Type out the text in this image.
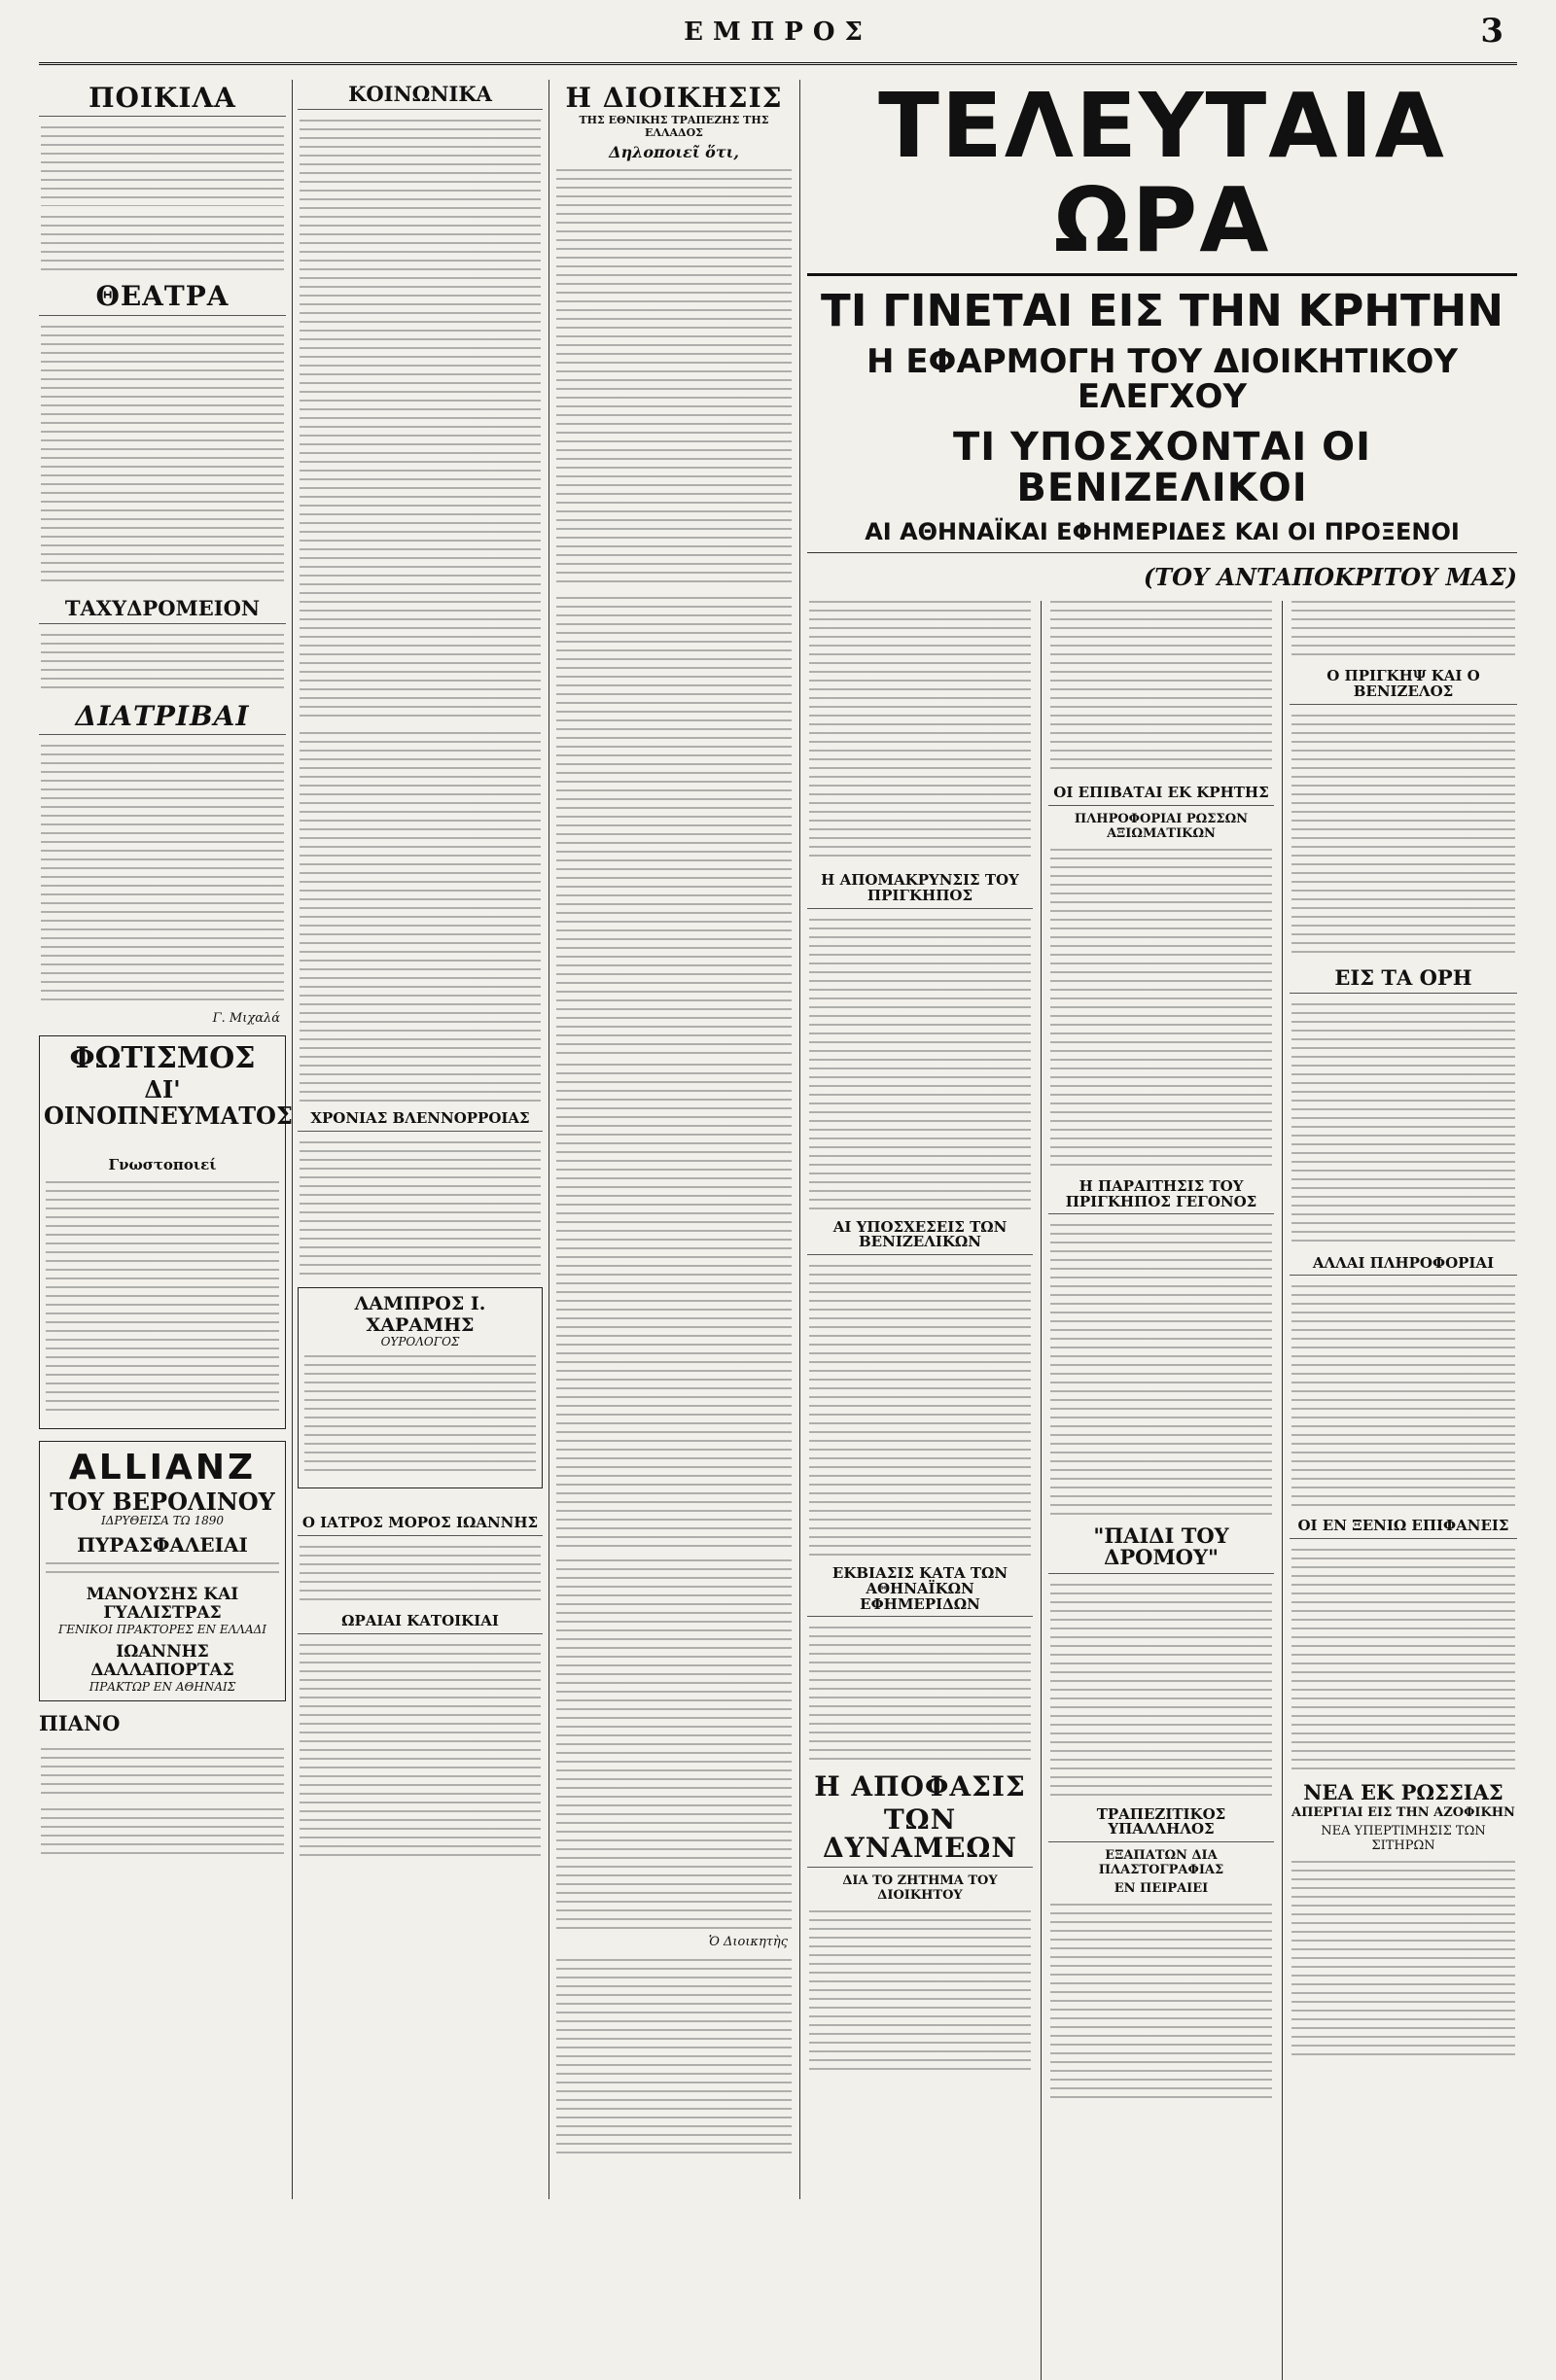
ΕΜΠΡΟΣ	3
ΠΟΙΚΙΛΑ
ΘΕΑΤΡΑ
ΤΑΧΥΔΡΟΜΕΙΟΝ
ΔΙΑΤΡΙΒΑΙ
Γ. Μιχαλά
ΦΩΤΙΣΜΟΣ
ΔΙ' ΟΙΝΟΠΝΕΥΜΑΤΟΣ
Γνωστοποιεί
ALLIANZ
ΤΟΥ ΒΕΡΟΛΙΝΟΥ
ΙΔΡΥΘΕΙΣΑ ΤΩ 1890
ΠΥΡΑΣΦΑΛΕΙΑΙ
ΜΑΝΟΥΣΗΣ ΚΑΙ ΓΥΑΛΙΣΤΡΑΣ
ΓΕΝΙΚΟΙ ΠΡΑΚΤΟΡΕΣ ΕΝ ΕΛΛΑΔΙ
ΙΩΑΝΝΗΣ ΔΑΛΛΑΠΟΡΤΑΣ
ΠΡΑΚΤΩΡ ΕΝ ΑΘΗΝΑΙΣ
ΠΙΑΝΟ
ΚΟΙΝΩΝΙΚΑ
ΧΡΟΝΙΑΣ ΒΛΕΝΝΟΡΡΟΙΑΣ
ΛΑΜΠΡΟΣ Ι. ΧΑΡΑΜΗΣ
ΟΥΡΟΛΟΓΟΣ
Ο ΙΑΤΡΟΣ ΜΟΡΟΣ ΙΩΑΝΝΗΣ
ΩΡΑΙΑΙ ΚΑΤΟΙΚΙΑΙ
Η ΔΙΟΙΚΗΣΙΣ
ΤΗΣ ΕΘΝΙΚΗΣ ΤΡΑΠΕΖΗΣ ΤΗΣ ΕΛΛΑΔΟΣ
Δηλοποιεῖ ὅτι,
Ὁ Διοικητὴς
ΤΕΛΕΥΤΑΙΑ ΩΡΑ
ΤΙ ΓΙΝΕΤΑΙ ΕΙΣ ΤΗΝ ΚΡΗΤΗΝ
Η ΕΦΑΡΜΟΓΗ ΤΟΥ ΔΙΟΙΚΗΤΙΚΟΥ ΕΛΕΓΧΟΥ
ΤΙ ΥΠΟΣΧΟΝΤΑΙ ΟΙ ΒΕΝΙΖΕΛΙΚΟΙ
ΑΙ ΑΘΗΝΑΪΚΑΙ ΕΦΗΜΕΡΙΔΕΣ ΚΑΙ ΟΙ ΠΡΟΞΕΝΟΙ
(ΤΟΥ ΑΝΤΑΠΟΚΡΙΤΟΥ ΜΑΣ)
Η ΑΠΟΜΑΚΡΥΝΣΙΣ ΤΟΥ ΠΡΙΓΚΗΠΟΣ
ΑΙ ΥΠΟΣΧΕΣΕΙΣ ΤΩΝ ΒΕΝΙΖΕΛΙΚΩΝ
ΕΚΒΙΑΣΙΣ ΚΑΤΑ ΤΩΝ ΑΘΗΝΑΪΚΩΝ ΕΦΗΜΕΡΙΔΩΝ
Η ΑΠΟΦΑΣΙΣ
ΤΩΝ ΔΥΝΑΜΕΩΝ
ΔΙΑ ΤΟ ΖΗΤΗΜΑ ΤΟΥ ΔΙΟΙΚΗΤΟΥ
ΟΙ ΕΠΙΒΑΤΑΙ ΕΚ ΚΡΗΤΗΣ
ΠΛΗΡΟΦΟΡΙΑΙ ΡΩΣΣΩΝ ΑΞΙΩΜΑΤΙΚΩΝ
Η ΠΑΡΑΙΤΗΣΙΣ ΤΟΥ ΠΡΙΓΚΗΠΟΣ ΓΕΓΟΝΟΣ
"ΠΑΙΔΙ ΤΟΥ ΔΡΟΜΟΥ"
ΤΡΑΠΕΖΙΤΙΚΟΣ ΥΠΑΛΛΗΛΟΣ
ΕΞΑΠΑΤΩΝ ΔΙΑ ΠΛΑΣΤΟΓΡΑΦΙΑΣ
ΕΝ ΠΕΙΡΑΙΕΙ
Ο ΠΡΙΓΚΗΨ ΚΑΙ Ο ΒΕΝΙΖΕΛΟΣ
ΕΙΣ ΤΑ ΟΡΗ
ΑΛΛΑΙ ΠΛΗΡΟΦΟΡΙΑΙ
ΟΙ ΕΝ ΞΕΝΙΩ ΕΠΙΦΑΝΕΙΣ
ΝΕΑ ΕΚ ΡΩΣΣΙΑΣ
ΑΠΕΡΓΙΑΙ ΕΙΣ ΤΗΝ ΑΖΟΦΙΚΗΝ
ΝΕΑ ΥΠΕΡΤΙΜΗΣΙΣ ΤΩΝ ΣΙΤΗΡΩΝ
